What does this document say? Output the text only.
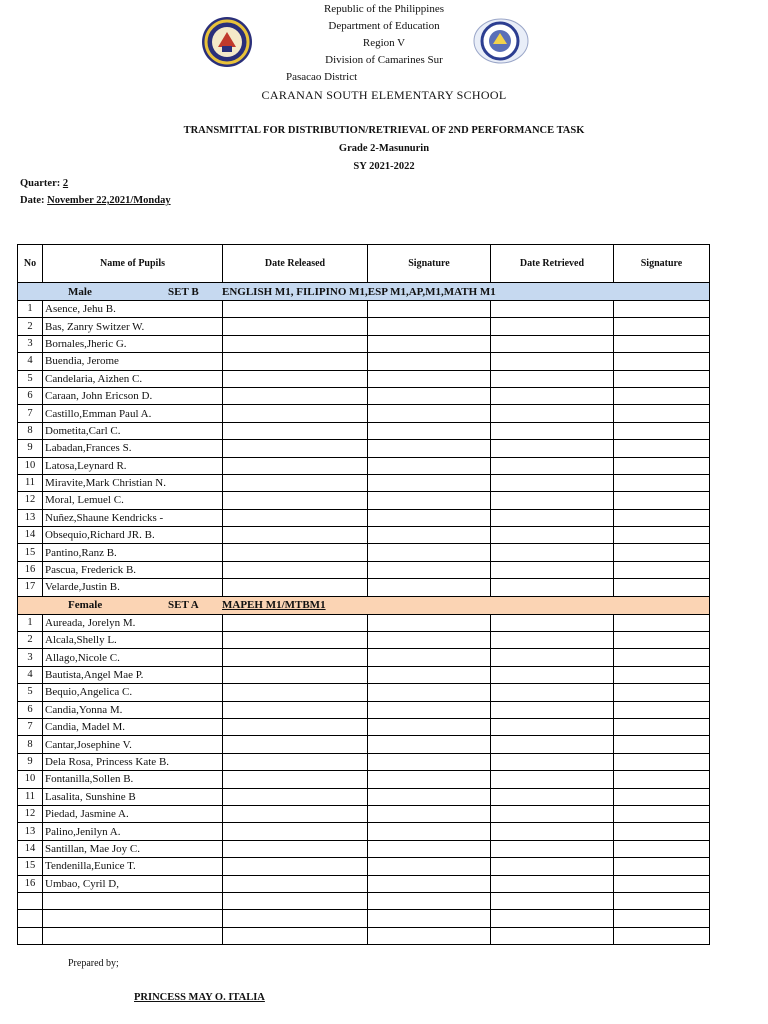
Republic of the Philippines
Department of Education
Region V
Division of Camarines Sur
Pasacao District
CARANAN SOUTH ELEMENTARY SCHOOL
TRANSMITTAL FOR DISTRIBUTION/RETRIEVAL OF 2ND PERFORMANCE TASK
Grade 2-Masunurin
SY 2021-2022
Quarter: 2
Date: November 22,2021/Monday
No	Name of Pupils	Date Released	Signature	Date Retrieved	Signature
Male SET B ENGLISH M1, FILIPINO M1,ESP M1,AP,M1,MATH M1					
1	Asence, Jehu B.				
2	Bas, Zanry Switzer W.				
3	Bornales,Jheric G.				
4	Buendia, Jerome				
5	Candelaria, Aizhen C.				
6	Caraan, John Ericson D.				
7	Castillo,Emman Paul A.				
8	Dometita,Carl C.				
9	Labadan,Frances S.				
10	Latosa,Leynard R.				
11	Miravite,Mark Christian N.				
12	Moral, Lemuel C.				
13	Nuñez,Shaune Kendricks -				
14	Obsequio,Richard JR. B.				
15	Pantino,Ranz B.				
16	Pascua, Frederick B.				
17	Velarde,Justin B.				
Female SET A MAPEH M1/MTBM1					
1	Aureada, Jorelyn M.				
2	Alcala,Shelly L.				
3	Allago,Nicole C.				
4	Bautista,Angel Mae P.				
5	Bequio,Angelica C.				
6	Candia,Yonna M.				
7	Candia, Madel M.				
8	Cantar,Josephine V.				
9	Dela Rosa, Princess Kate B.				
10	Fontanilla,Sollen B.				
11	Lasalita, Sunshine B				
12	Piedad, Jasmine A.				
13	Palino,Jenilyn A.				
14	Santillan, Mae Joy C.				
15	Tendenilla,Eunice T.				
16	Umbao, Cyril D,				

Prepared by;
PRINCESS MAY O. ITALIA
